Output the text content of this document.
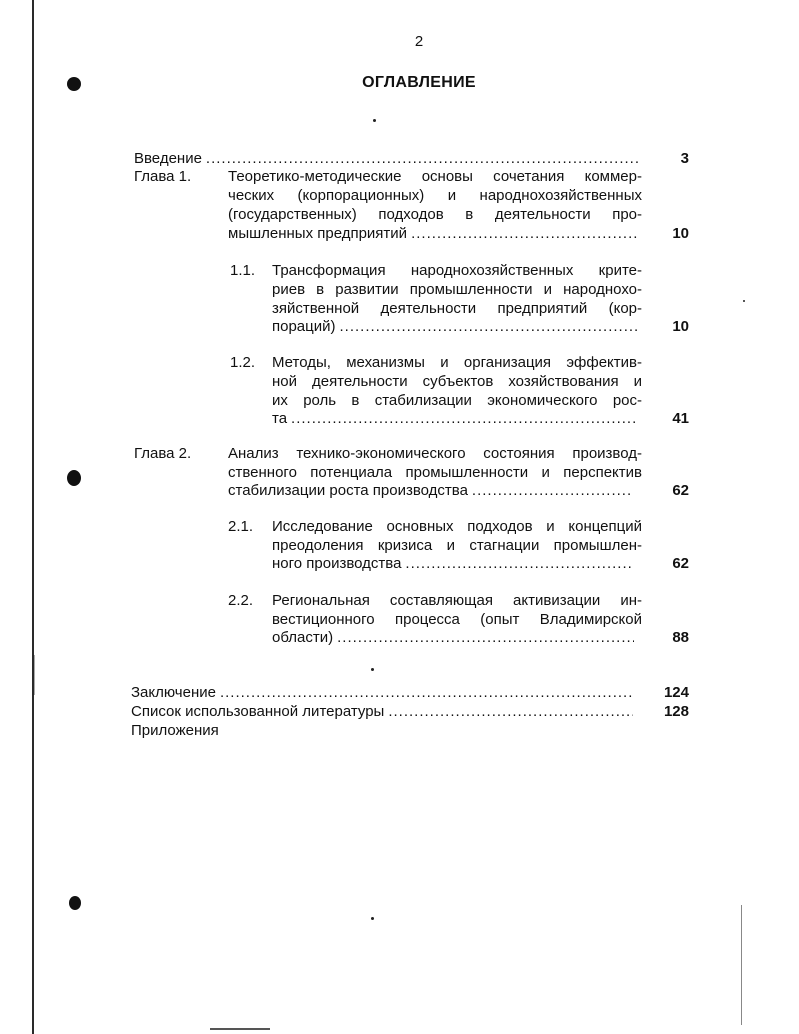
2
ОГЛАВЛЕНИЕ
Введение .....	3
Глава 1. Теоретико-методические основы сочетания коммер-
ческих (корпорационных) и народнохозяйственных
(государственных) подходов в деятельности про-
мышленных предприятий .....	10
1.1. Трансформация народнохозяйственных крите-
риев в развитии промышленности и народнохо-
зяйственной деятельности предприятий (кор-
пораций) .....	10
1.2. Методы, механизмы и организация эффектив-
ной деятельности субъектов хозяйствования и
их роль в стабилизации экономического рос-
та .....	41
Глава 2. Анализ технико-экономического состояния производ-
ственного потенциала промышленности и перспектив
стабилизации роста производства .....	62
2.1. Исследование основных подходов и концепций
преодоления кризиса и стагнации промышлен-
ного производства .....	62
2.2. Региональная составляющая активизации ин-
вестиционного процесса (опыт Владимирской
области) .....	88
Заключение .....	124
Список использованной литературы .....	128
Приложения
